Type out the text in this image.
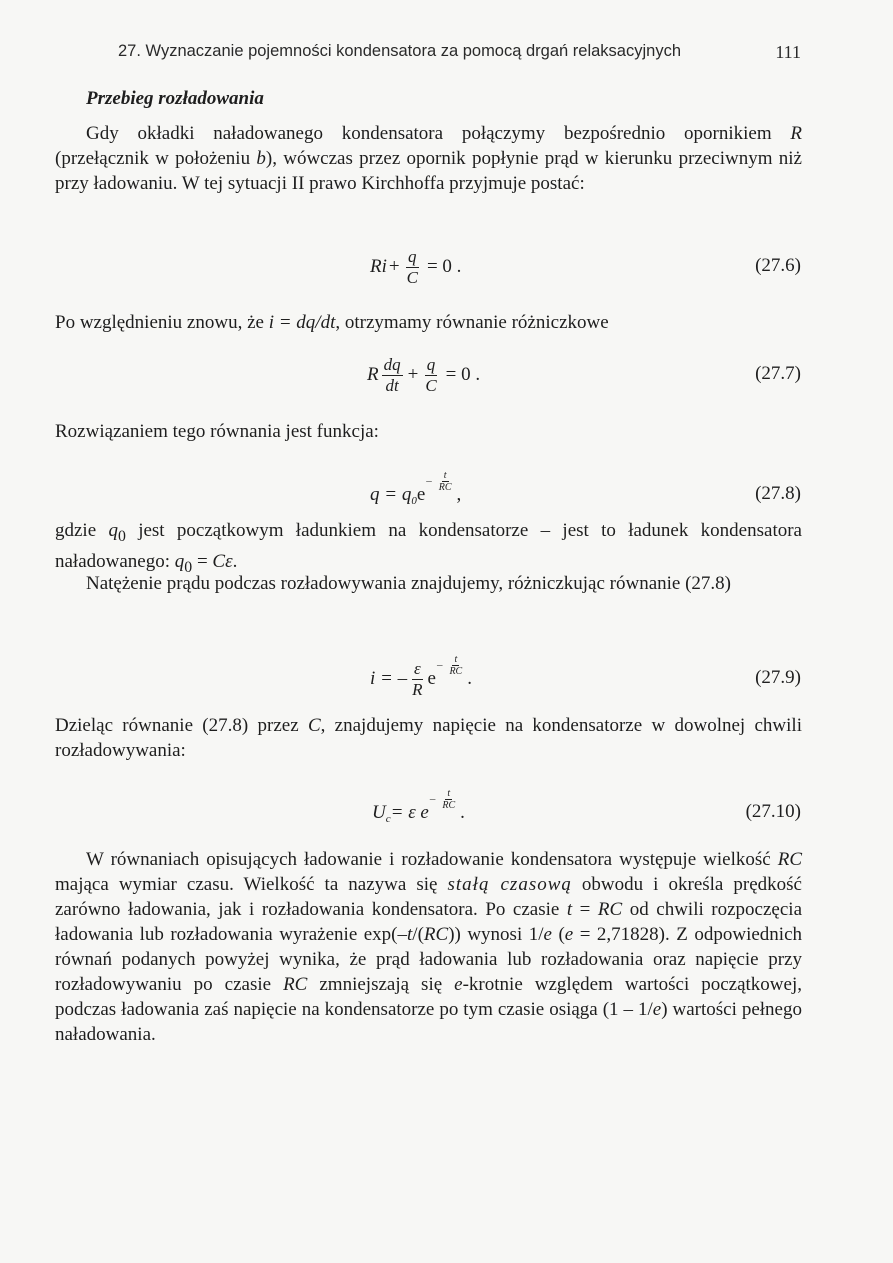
27. Wyznaczanie pojemności kondensatora za pomocą drgań relaksacyjnych	111
Przebieg rozładowania

Gdy okładki naładowanego kondensatora połączymy bezpośrednio opornikiem R (przełącznik w położeniu b), wówczas przez opornik popłynie prąd w kierunku przeciwnym niż przy ładowaniu. W tej sytuacji II prawo Kirchhoffa przyjmuje postać:

$Ri + \frac{q}{C} = 0$ .	(27.6)

Po względnieniu znowu, że i = dq/dt, otrzymamy równanie różniczkowe

R $\frac{dq}{dt} + \frac{q}{C} = 0$ .	(27.7)

Rozwiązaniem tego równania jest funkcja:

q = q 0 e
– $\frac{t}{RC}$
,	(27.8)

gdzie $q_0$ jest początkowym ładunkiem na kondensatorze – jest to ładunek kondensatora naładowanego: $q_0 = C\varepsilon$.

Natężenie prądu podczas rozładowywania znajdujemy, różniczkując równanie (27.8)

i = – $\frac{\varepsilon}{R}$ e
– $\frac{t}{RC}$
.	(27.9)

Dzieląc równanie (27.8) przez C, znajdujemy napięcie na kondensatorze w dowolnej chwili rozładowywania:

U c = ε e
– $\frac{t}{RC}$
.	(27.10)

W równaniach opisujących ładowanie i rozładowanie kondensatora występuje wielkość RC mająca wymiar czasu. Wielkość ta nazywa się stałą czasową obwodu i określa prędkość zarówno ładowania, jak i rozładowania kondensatora. Po czasie t = RC od chwili rozpoczęcia ładowania lub rozładowania wyrażenie exp(–t/(RC)) wynosi 1/e (e = 2,71828). Z odpowiednich równań podanych powyżej wynika, że prąd ładowania lub rozładowania oraz napięcie przy rozładowywaniu po czasie RC zmniejszają się e-krotnie względem wartości początkowej, podczas ładowania zaś napięcie na kondensatorze po tym czasie osiąga (1 – 1/e) wartości pełnego naładowania.
